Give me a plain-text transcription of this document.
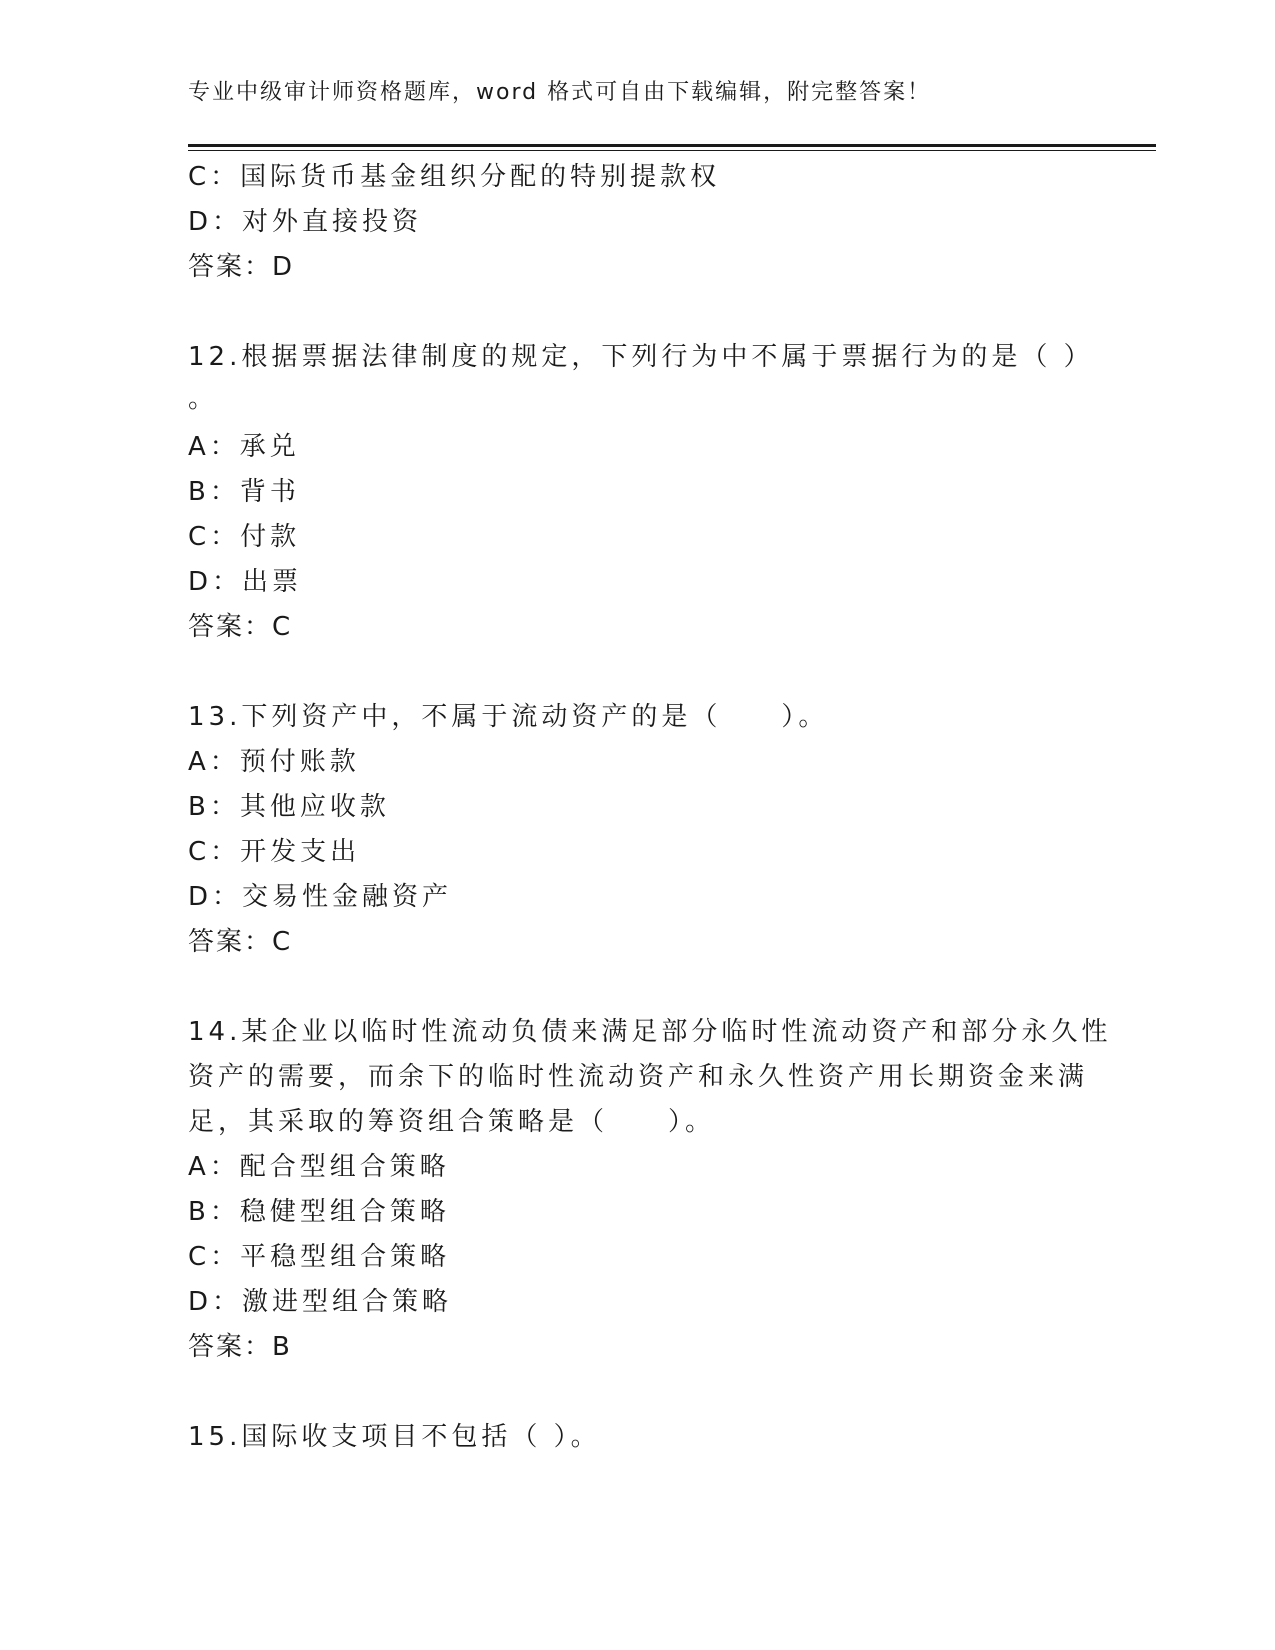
专业中级审计师资格题库，word 格式可自由下载编辑，附完整答案！
C：国际货币基金组织分配的特别提款权
D：对外直接投资
答案：D
12.根据票据法律制度的规定，下列行为中不属于票据行为的是（ ）
。
A：承兑
B：背书
C：付款
D：出票
答案：C
13.下列资产中，不属于流动资产的是（　　）。
A：预付账款
B：其他应收款
C：开发支出
D：交易性金融资产
答案：C
14.某企业以临时性流动负债来满足部分临时性流动资产和部分永久性
资产的需要，而余下的临时性流动资产和永久性资产用长期资金来满
足，其采取的筹资组合策略是（　　）。
A：配合型组合策略
B：稳健型组合策略
C：平稳型组合策略
D：激进型组合策略
答案：B
15.国际收支项目不包括（ ）。
